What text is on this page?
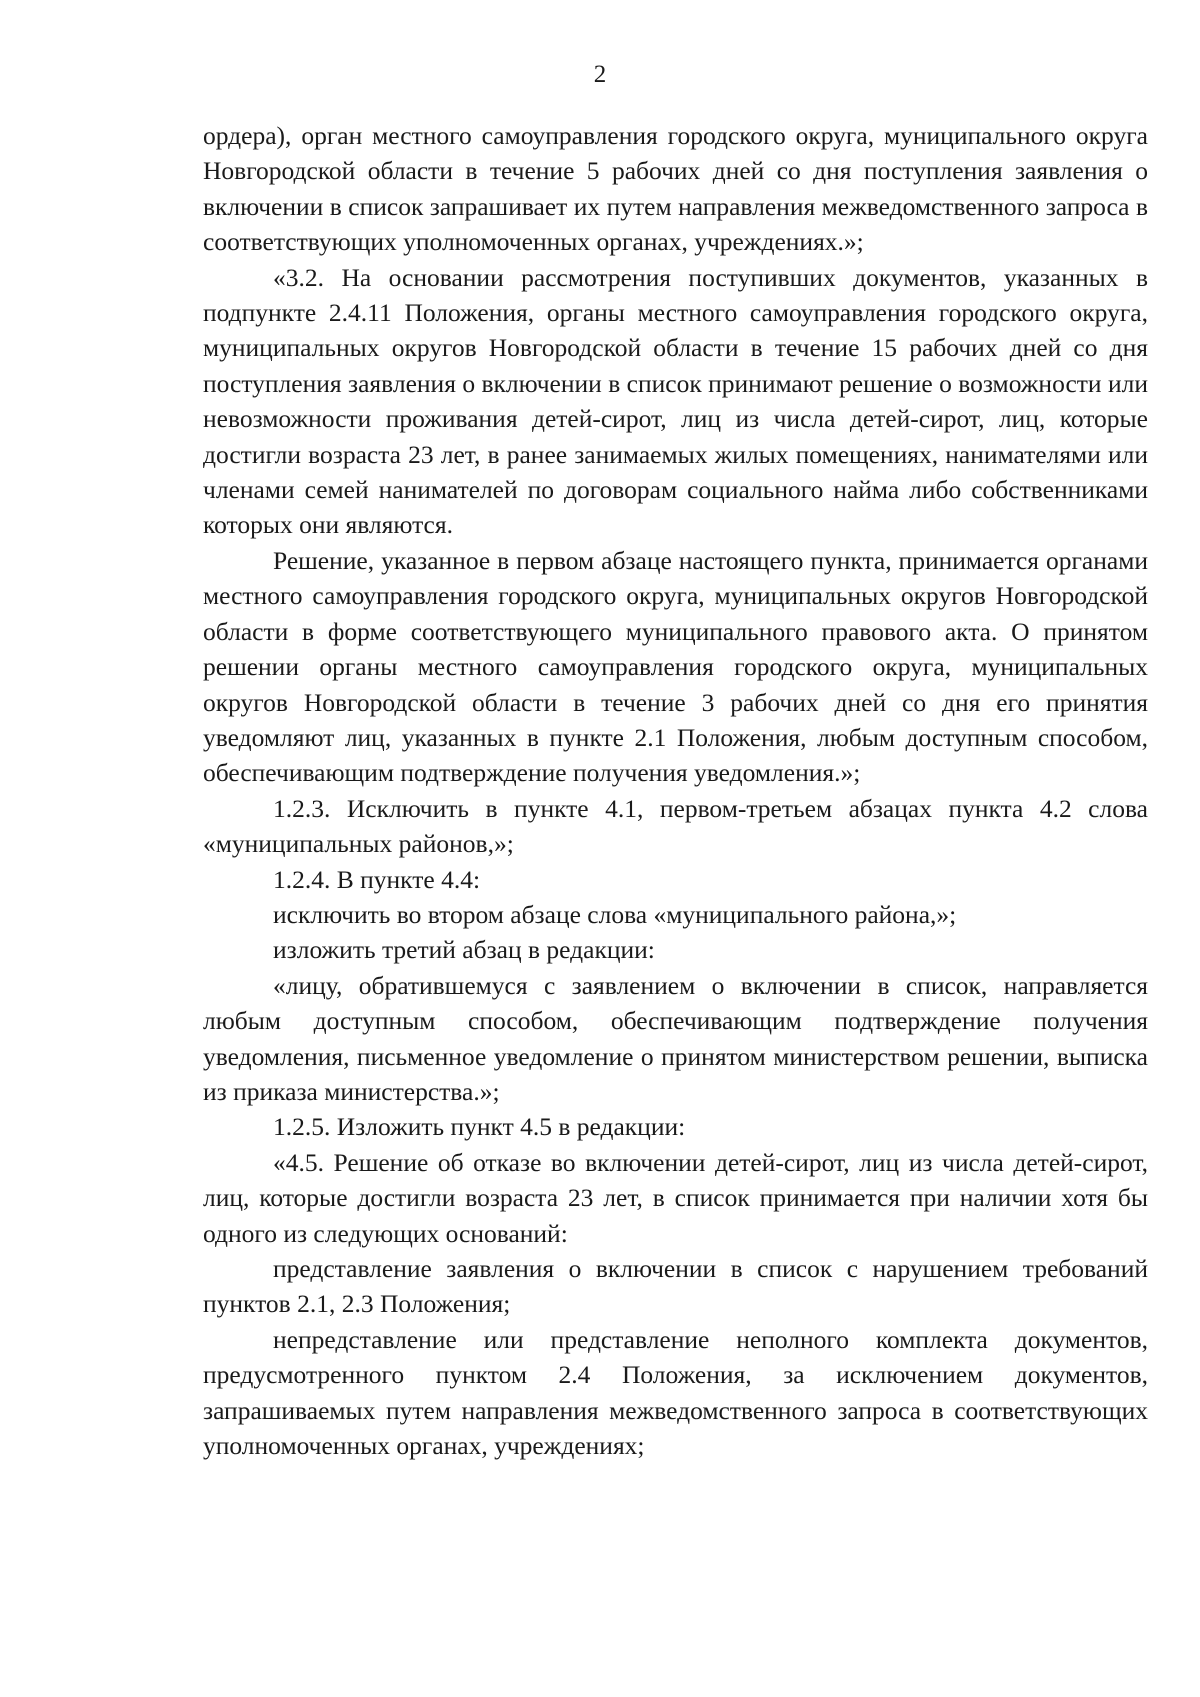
2

ордера), орган местного самоуправления городского округа, муниципального округа Новгородской области в течение 5 рабочих дней со дня поступления заявления о включении в список запрашивает их путем направления межведомственного запроса в соответствующих уполномоченных органах, учреждениях.»;

«3.2. На основании рассмотрения поступивших документов, указанных в подпункте 2.4.11 Положения, органы местного самоуправления городского округа, муниципальных округов Новгородской области в течение 15 рабочих дней со дня поступления заявления о включении в список принимают решение о возможности или невозможности проживания детей-сирот, лиц из числа детей-сирот, лиц, которые достигли возраста 23 лет, в ранее занимаемых жилых помещениях, нанимателями или членами семей нанимателей по договорам социального найма либо собственниками которых они являются.

Решение, указанное в первом абзаце настоящего пункта, принимается органами местного самоуправления городского округа, муниципальных округов Новгородской области в форме соответствующего муниципального правового акта. О принятом решении органы местного самоуправления городского округа, муниципальных округов Новгородской области в течение 3 рабочих дней со дня его принятия уведомляют лиц, указанных в пункте 2.1 Положения, любым доступным способом, обеспечивающим подтверждение получения уведомления.»;

1.2.3. Исключить в пункте 4.1, первом-третьем абзацах пункта 4.2 слова «муниципальных районов,»;

1.2.4. В пункте 4.4:

исключить во втором абзаце слова «муниципального района,»;

изложить третий абзац в редакции:

«лицу, обратившемуся с заявлением о включении в список, направляется любым доступным способом, обеспечивающим подтверждение получения уведомления, письменное уведомление о принятом министерством решении, выписка из приказа министерства.»;

1.2.5. Изложить пункт 4.5 в редакции:

«4.5. Решение об отказе во включении детей-сирот, лиц из числа детей-сирот, лиц, которые достигли возраста 23 лет, в список принимается при наличии хотя бы одного из следующих оснований:

представление заявления о включении в список с нарушением требований пунктов 2.1, 2.3 Положения;

непредставление или представление неполного комплекта документов, предусмотренного пунктом 2.4 Положения, за исключением документов, запрашиваемых путем направления межведомственного запроса в соответствующих уполномоченных органах, учреждениях;
